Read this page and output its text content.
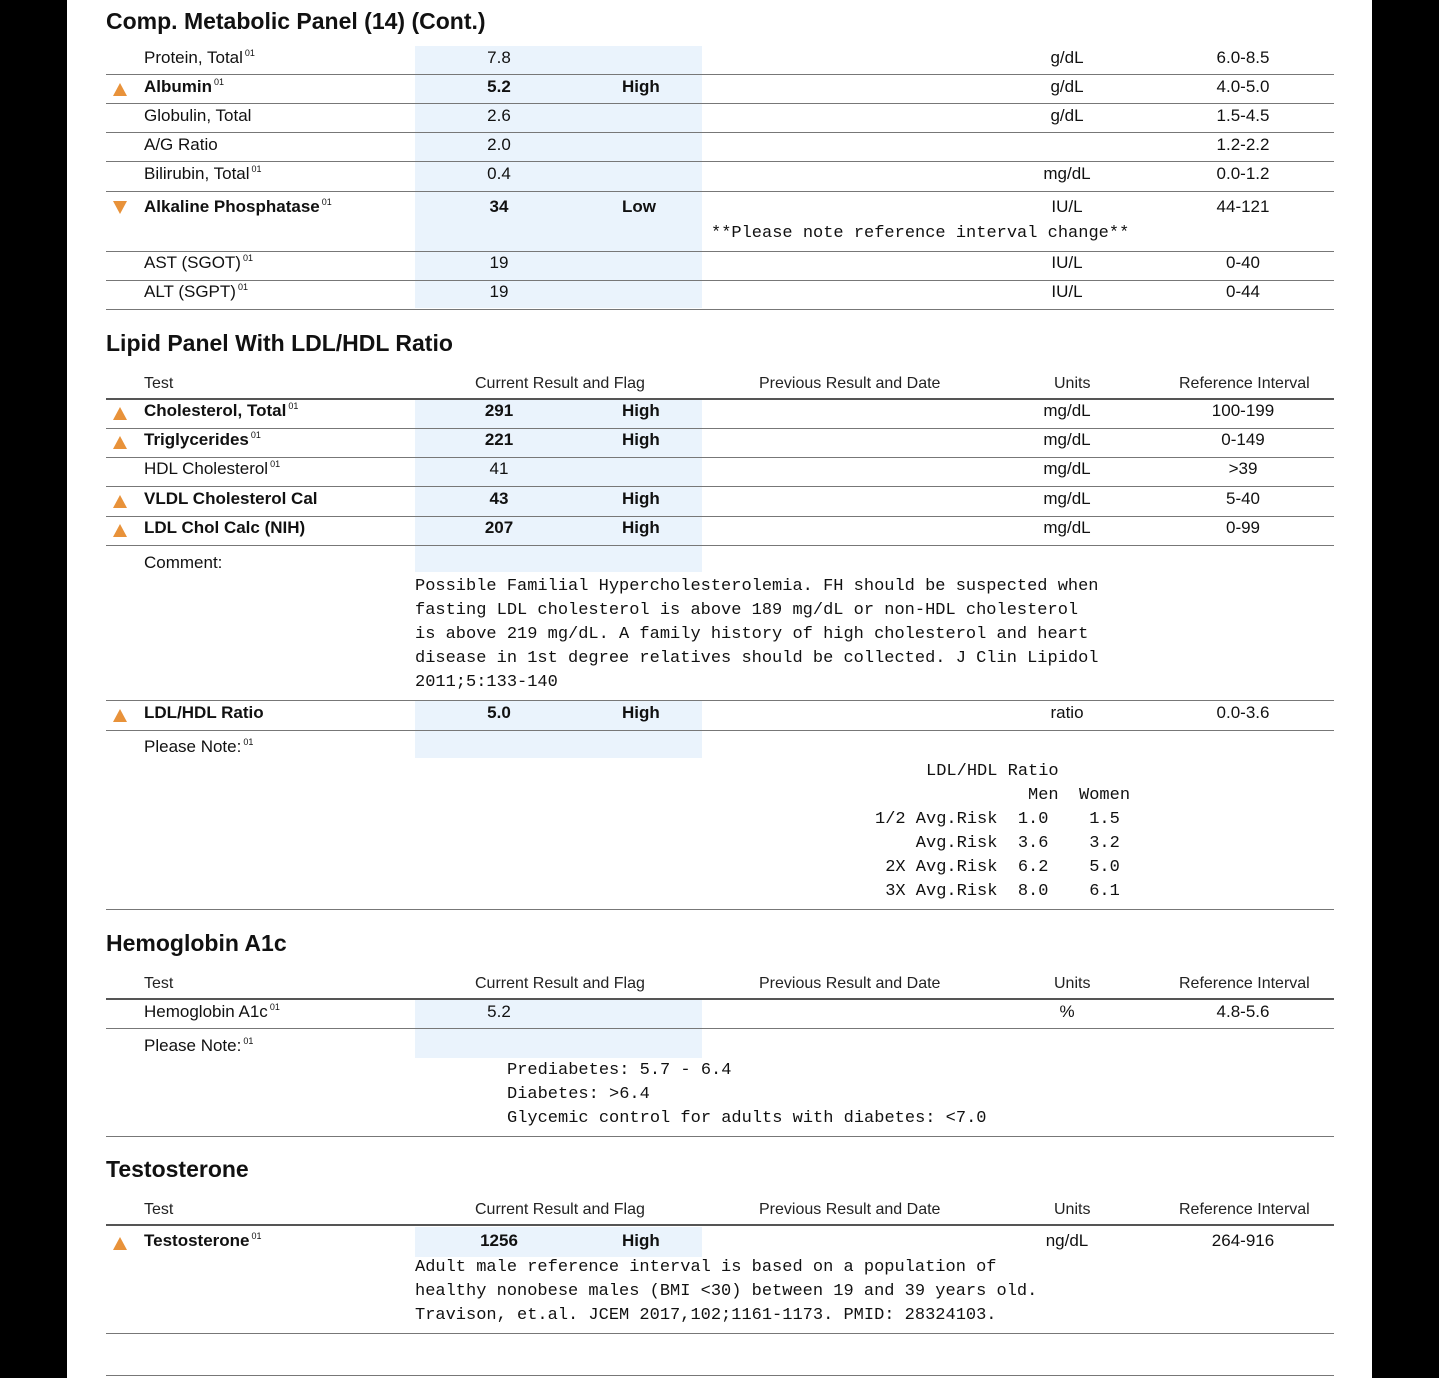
Comp. Metabolic Panel (14) (Cont.)
Protein, Total $^{01}$	7.8	g/dL	6.0-8.5
Albumin $^{01}$	5.2	High	g/dL	4.0-5.0
Globulin, Total	2.6	g/dL	1.5-4.5
A/G Ratio	2.0	1.2-2.2
Bilirubin, Total $^{01}$	0.4	mg/dL	0.0-1.2
Alkaline Phosphatase $^{01}$	34	Low	IU/L	44-121
AST (SGOT) $^{01}$	19	IU/L	0-40
ALT (SGPT) $^{01}$	19	IU/L	0-44
**Please note reference interval change**
Lipid Panel With LDL/HDL Ratio
Test	Current Result and Flag	Previous Result and Date	Units	Reference Interval
Cholesterol, Total $^{01}$	291	High	mg/dL	100-199
Triglycerides $^{01}$	221	High	mg/dL	0-149
HDL Cholesterol $^{01}$	41	mg/dL	>39
VLDL Cholesterol Cal	43	High	mg/dL	5-40
LDL Chol Calc (NIH)	207	High	mg/dL	0-99
Comment:
Possible Familial Hypercholesterolemia. FH should be suspected when
fasting LDL cholesterol is above 189 mg/dL or non-HDL cholesterol
is above 219 mg/dL. A family history of high cholesterol and heart
disease in 1st degree relatives should be collected. J Clin Lipidol
2011;5:133-140
LDL/HDL Ratio	5.0	High	ratio	0.0-3.6
Please Note: $^{01}$
LDL/HDL Ratio
Men  Women
1/2 Avg.Risk  1.0    1.5
Avg.Risk  3.6    3.2
2X Avg.Risk  6.2    5.0
3X Avg.Risk  8.0    6.1
Hemoglobin A1c
Test	Current Result and Flag	Previous Result and Date	Units	Reference Interval
Hemoglobin A1c $^{01}$	5.2	%	4.8-5.6
Please Note: $^{01}$
Prediabetes: 5.7 - 6.4
Diabetes: >6.4
Glycemic control for adults with diabetes: <7.0
Testosterone
Test	Current Result and Flag	Previous Result and Date	Units	Reference Interval
Testosterone $^{01}$	1256	High	ng/dL	264-916
Adult male reference interval is based on a population of
healthy nonobese males (BMI <30) between 19 and 39 years old.
Travison, et.al. JCEM 2017,102;1161-1173. PMID: 28324103.
